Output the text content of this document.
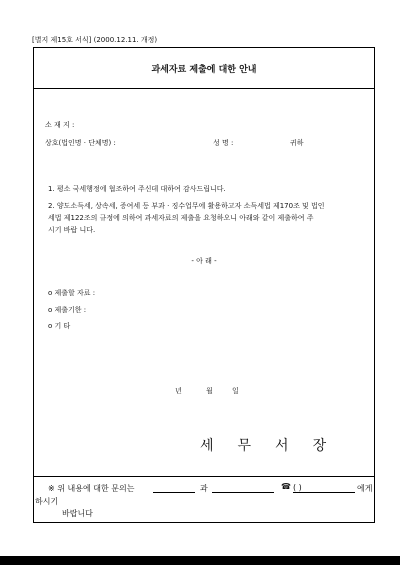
[별지 제15호 서식] (2000.12.11. 개정)
과세자료 제출에 대한 안내
소 재 지 :
상호(법인명 · 단체명) :	성 명 :	귀하
1. 평소 국세행정에 협조하여 주신데 대하여 감사드립니다.
2. 양도소득세, 상속세, 증여세 등 부과 · 징수업무에 활용하고자 소득세법 제170조 및 법인
세법 제122조의 규정에 의하여 과세자료의 제출을 요청하오니 아래와 같이 제출하여 주
시기 바랍 니다.
- 아 래 -
o 제출할 자료 :
o 제출기한 :
o 기 타
년	월	일
세무서장
※ 위 내용에 대한 문의는	과	☎ ( )	에게
하시기
바랍니다
